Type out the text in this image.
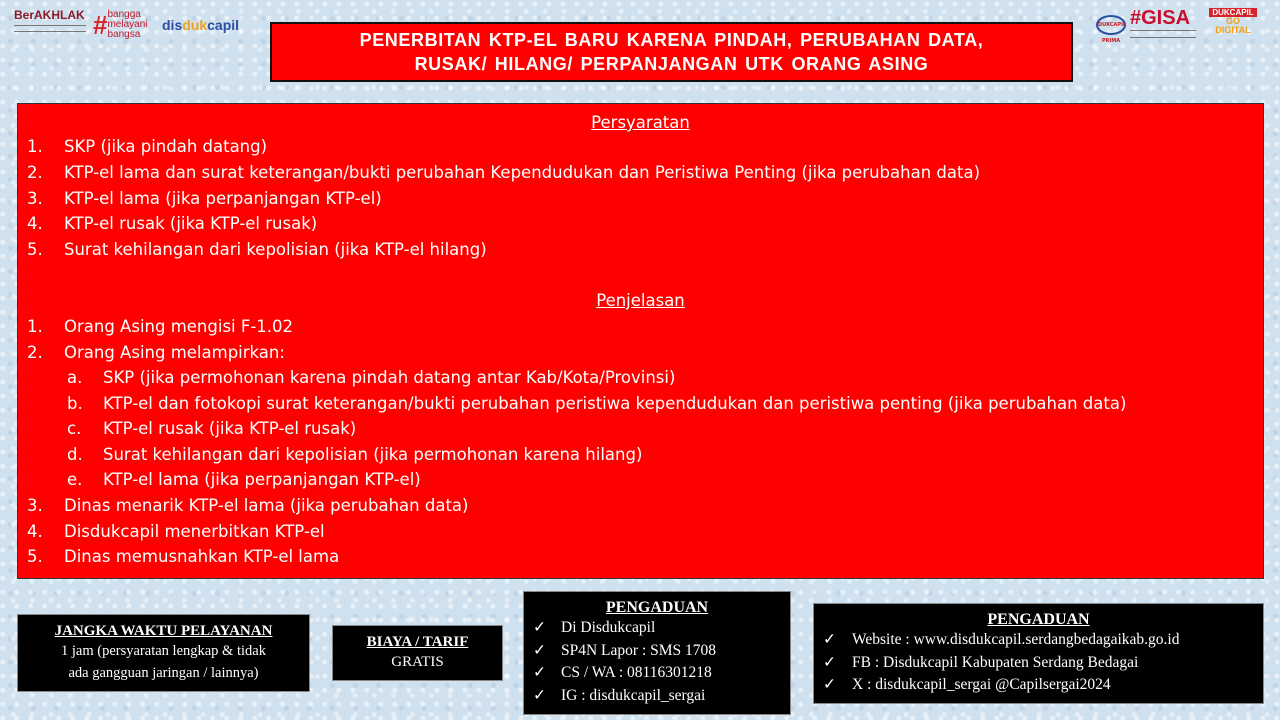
BerAKHLAK # bangga
melayani
bangsa
dis duk capil	DUKCAPIL PRIMA
#GISA	DUKCAPIL
GO
DIGITAL
PENERBITAN KTP-EL BARU KARENA PINDAH, PERUBAHAN DATA,
RUSAK/ HILANG/ PERPANJANGAN UTK ORANG ASING
Persyaratan
1. SKP (jika pindah datang)
2. KTP-el lama dan surat keterangan/bukti perubahan Kependudukan dan Peristiwa Penting (jika perubahan data)
3. KTP-el lama (jika perpanjangan KTP-el)
4. KTP-el rusak (jika KTP-el rusak)
5. Surat kehilangan dari kepolisian (jika KTP-el hilang)
Penjelasan
1. Orang Asing mengisi F-1.02
2. Orang Asing melampirkan:
a. SKP (jika permohonan karena pindah datang antar Kab/Kota/Provinsi)
b. KTP-el dan fotokopi surat keterangan/bukti perubahan peristiwa kependudukan dan peristiwa penting (jika perubahan data)
c. KTP-el rusak (jika KTP-el rusak)
d. Surat kehilangan dari kepolisian (jika permohonan karena hilang)
e. KTP-el lama (jika perpanjangan KTP-el)
3. Dinas menarik KTP-el lama (jika perubahan data)
4. Disdukcapil menerbitkan KTP-el
5. Dinas memusnahkan KTP-el lama
JANGKA WAKTU PELAYANAN
1 jam (persyaratan lengkap & tidak
ada gangguan jaringan / lainnya)
BIAYA / TARIF
GRATIS
PENGADUAN
✓ Di Disdukcapil
✓ SP4N Lapor : SMS 1708
✓ CS / WA : 08116301218
✓ IG : disdukcapil_sergai
PENGADUAN
✓ Website : www.disdukcapil.serdangbedagaikab.go.id
✓ FB : Disdukcapil Kabupaten Serdang Bedagai
✓ X : disdukcapil_sergai @Capilsergai2024
